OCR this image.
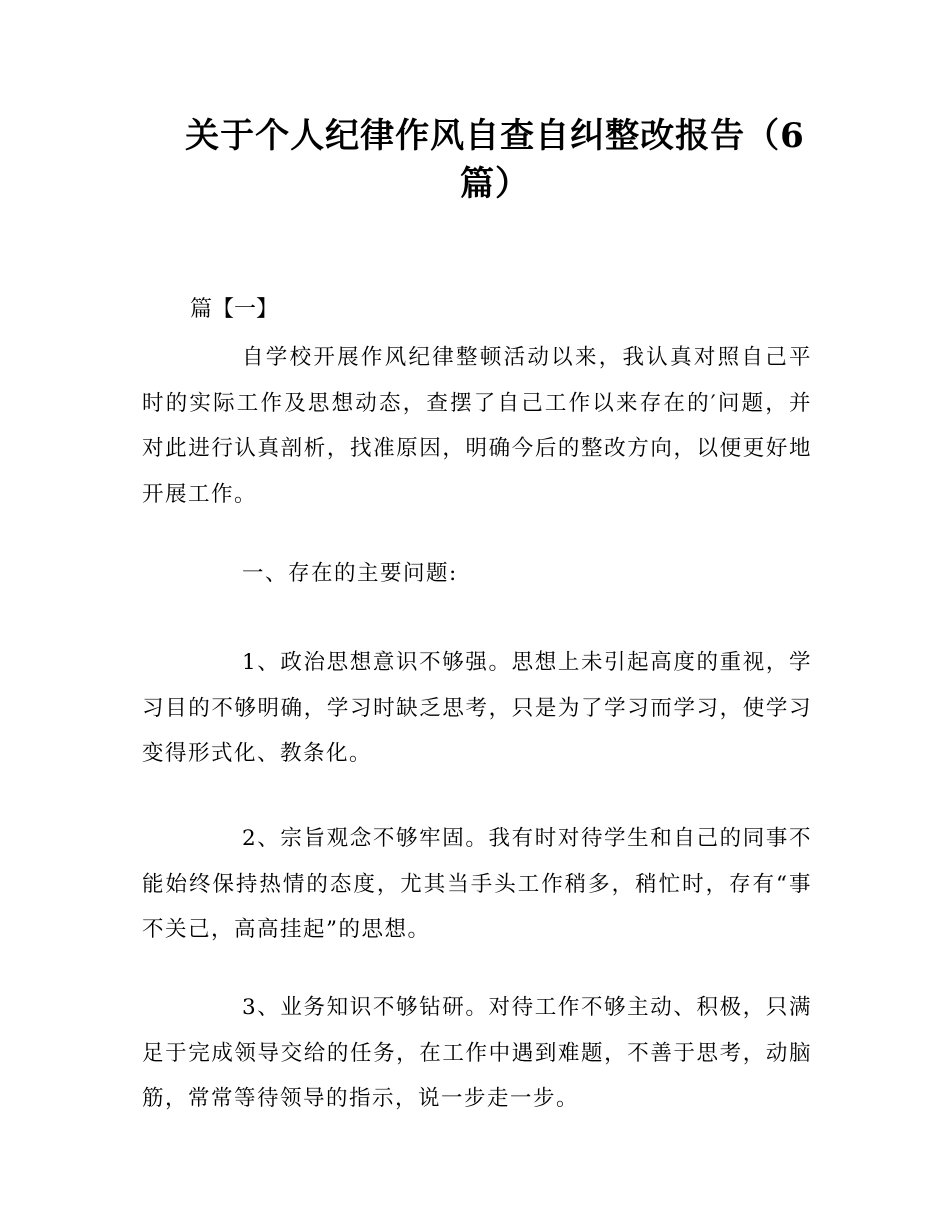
关于个人纪律作风自查自纠整改报告（6篇）
篇【一】

自学校开展作风纪律整顿活动以来，我认真对照自己平时的实际工作及思想动态，查摆了自己工作以来存在的′问题，并对此进行认真剖析，找准原因，明确今后的整改方向，以便更好地开展工作。

一、存在的主要问题:

1、政治思想意识不够强。思想上未引起高度的重视，学习目的不够明确，学习时缺乏思考，只是为了学习而学习，使学习变得形式化、教条化。

2、宗旨观念不够牢固。我有时对待学生和自己的同事不能始终保持热情的态度，尤其当手头工作稍多，稍忙时，存有“事不关己，高高挂起”的思想。

3、业务知识不够钻研。对待工作不够主动、积极，只满足于完成领导交给的任务，在工作中遇到难题，不善于思考，动脑筋，常常等待领导的指示，说一步走一步。
